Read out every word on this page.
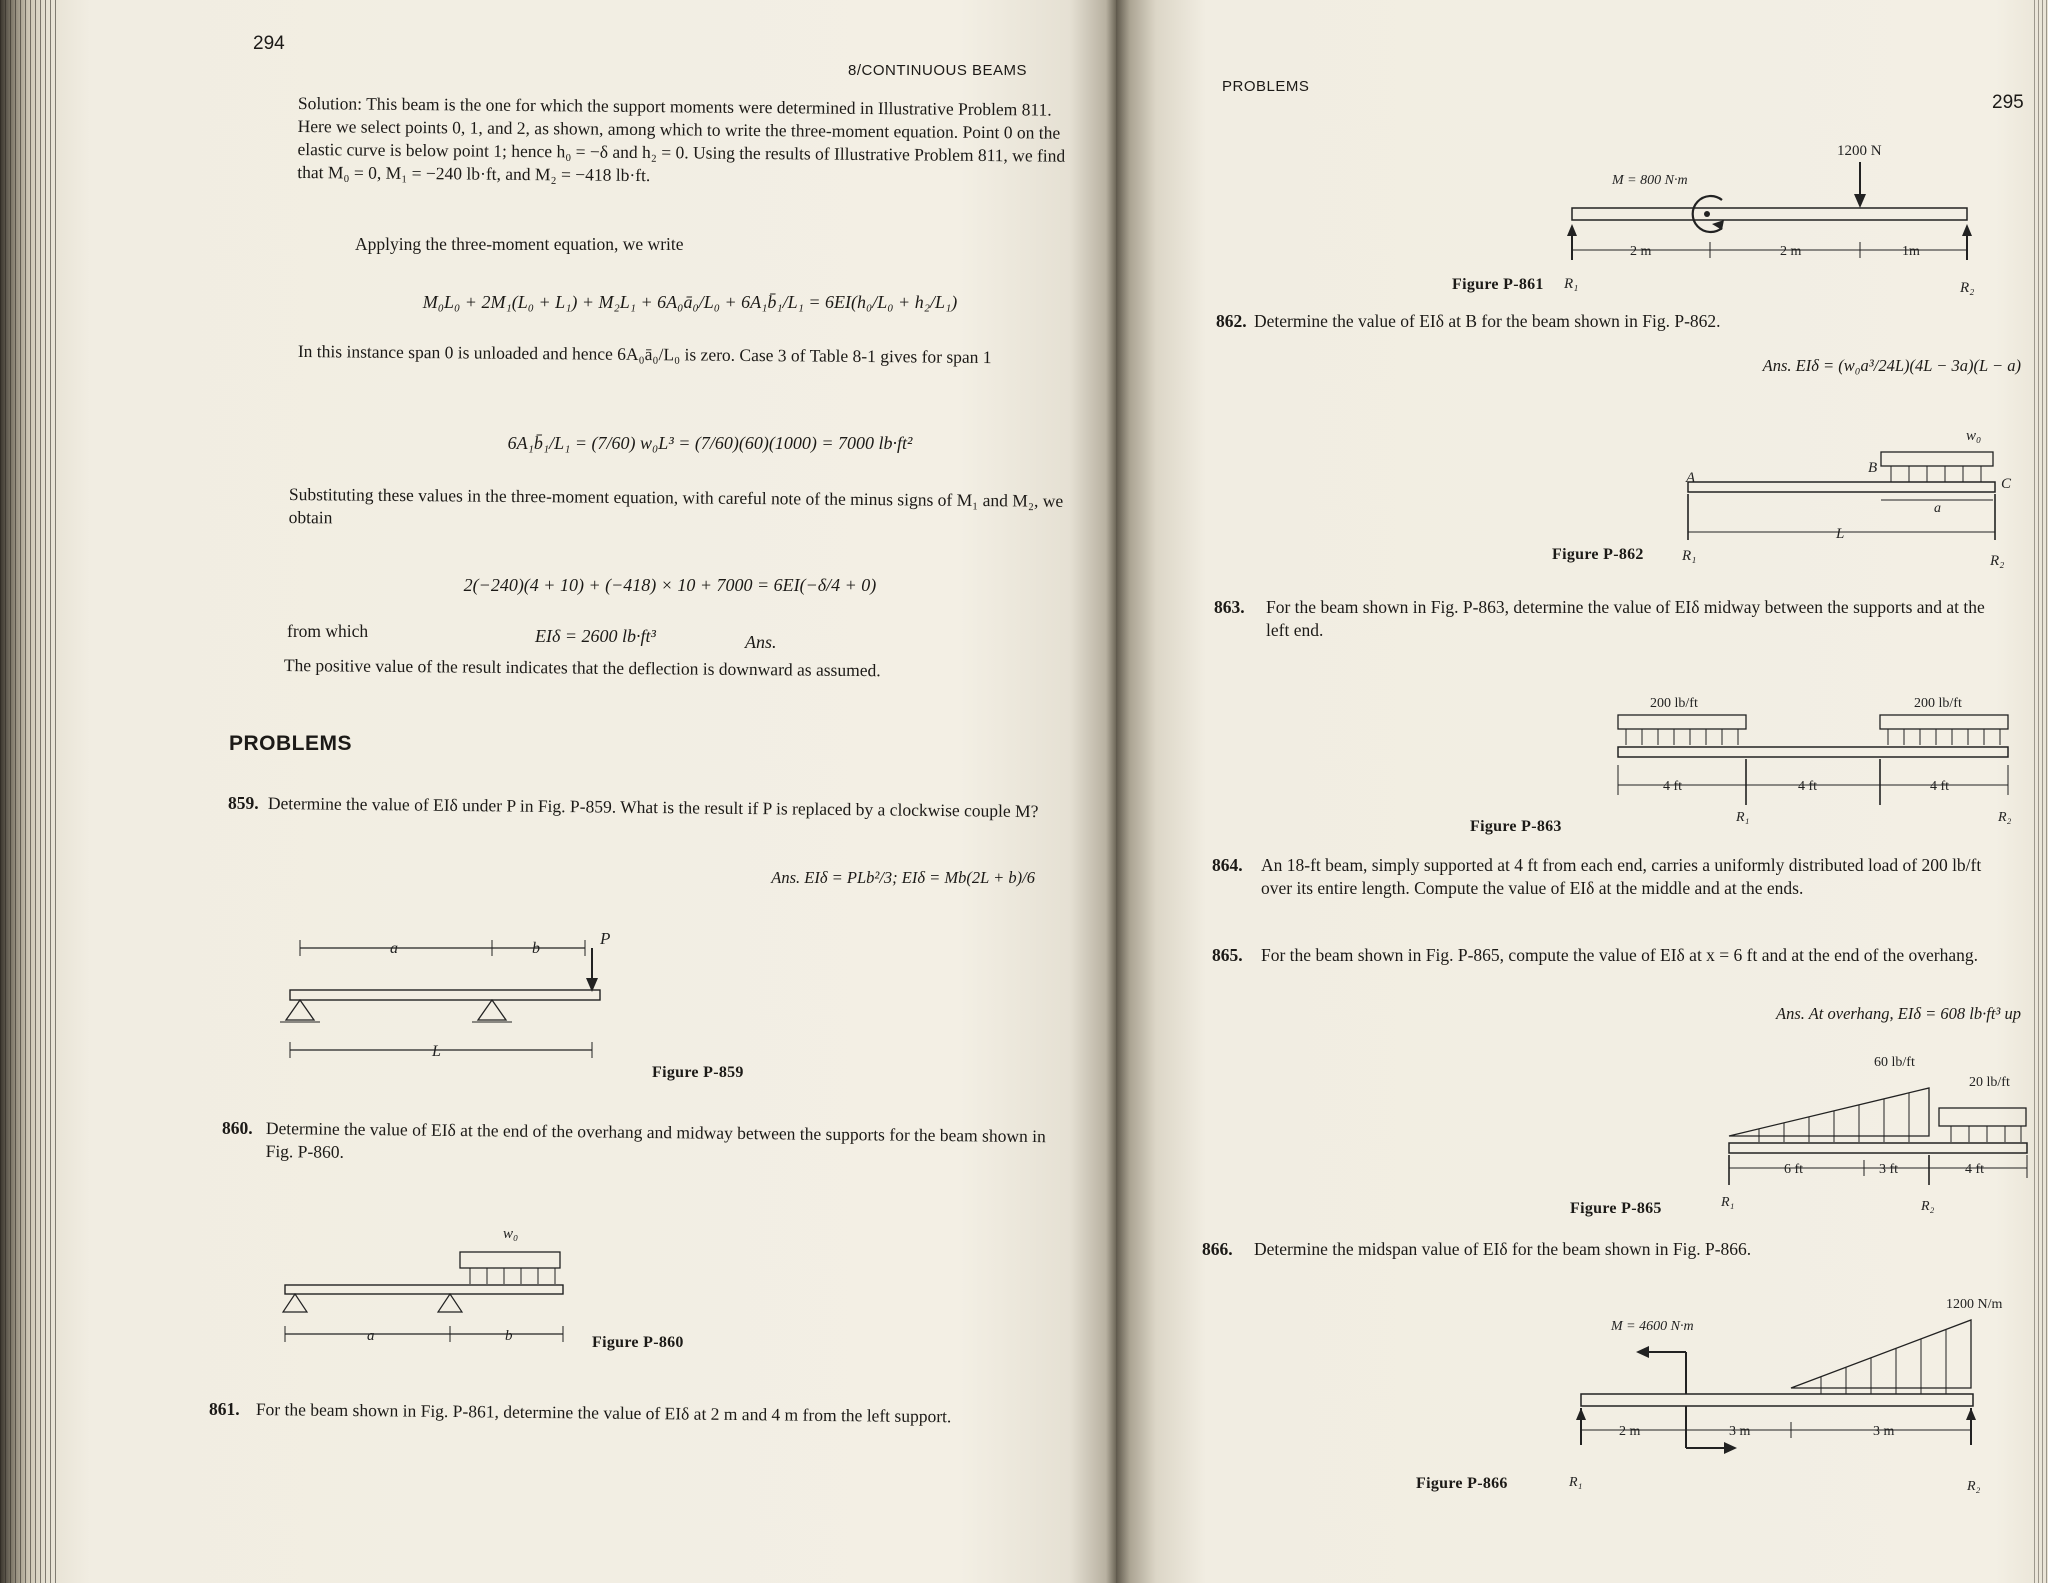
294

8/CONTINUOUS BEAMS

Solution: This beam is the one for which the support moments were determined in Illustrative Problem 811. Here we select points 0, 1, and 2, as shown, among which to write the three-moment equation. Point 0 on the elastic curve is below point 1; hence h₀ = −δ and h₂ = 0. Using the results of Illustrative Problem 811, we find that M₀ = 0, M₁ = −240 lb·ft, and M₂ = −418 lb·ft.

Applying the three-moment equation, we write

M₀L₀ + 2M₁(L₀ + L₁) + M₂L₁ + 6A₀ā₀/L₀ + 6A₁b̄₁/L₁ = 6EI(h₀/L₀ + h₂/L₁)

In this instance span 0 is unloaded and hence 6A₀ā₀/L₀ is zero. Case 3 of Table 8-1 gives for span 1

6A₁b̄₁/L₁ = (7/60) w₀L³ = (7/60)(60)(1000) = 7000 lb·ft²

Substituting these values in the three-moment equation, with careful note of the minus signs of M₁ and M₂, we obtain

2(−240)(4 + 10) + (−418) × 10 + 7000 = 6EI(−δ/4 + 0)

from which	EIδ = 2600 lb·ft³	Ans.

The positive value of the result indicates that the deflection is downward as assumed.

PROBLEMS

859. Determine the value of EIδ under P in Fig. P-859. What is the result if P is replaced by a clockwise couple M?

Ans. EIδ = PLb²/3; EIδ = Mb(2L + b)/6

a	b
P
L

Figure P-859

860. Determine the value of EIδ at the end of the overhang and midway between the supports for the beam shown in Fig. P-860.

w₀
a	b	Figure P-860

861. For the beam shown in Fig. P-861, determine the value of EIδ at 2 m and 4 m from the left support.

PROBLEMS

295

1200 N
M = 800 N·m
2 m	2 m	1m
R₁	R₂

Figure P-861

862. Determine the value of EIδ at B for the beam shown in Fig. P-862.

Ans. EIδ = (w₀a³/24L)(4L − 3a)(L − a)

w₀
A
B
C
a
L
R₁	R₂

Figure P-862

863. For the beam shown in Fig. P-863, determine the value of EIδ midway between the supports and at the left end.

200 lb/ft	200 lb/ft
4 ft	4 ft	4 ft
R₁	R₂

Figure P-863

864. An 18-ft beam, simply supported at 4 ft from each end, carries a uniformly distributed load of 200 lb/ft over its entire length. Compute the value of EIδ at the middle and at the ends.

865. For the beam shown in Fig. P-865, compute the value of EIδ at x = 6 ft and at the end of the overhang.

Ans. At overhang, EIδ = 608 lb·ft³ up

60 lb/ft
20 lb/ft
6 ft	3 ft	4 ft
R₁	R₂

Figure P-865

866. Determine the midspan value of EIδ for the beam shown in Fig. P-866.

1200 N/m
M = 4600 N·m
2 m	3 m	3 m
R₁	R₂

Figure P-866
